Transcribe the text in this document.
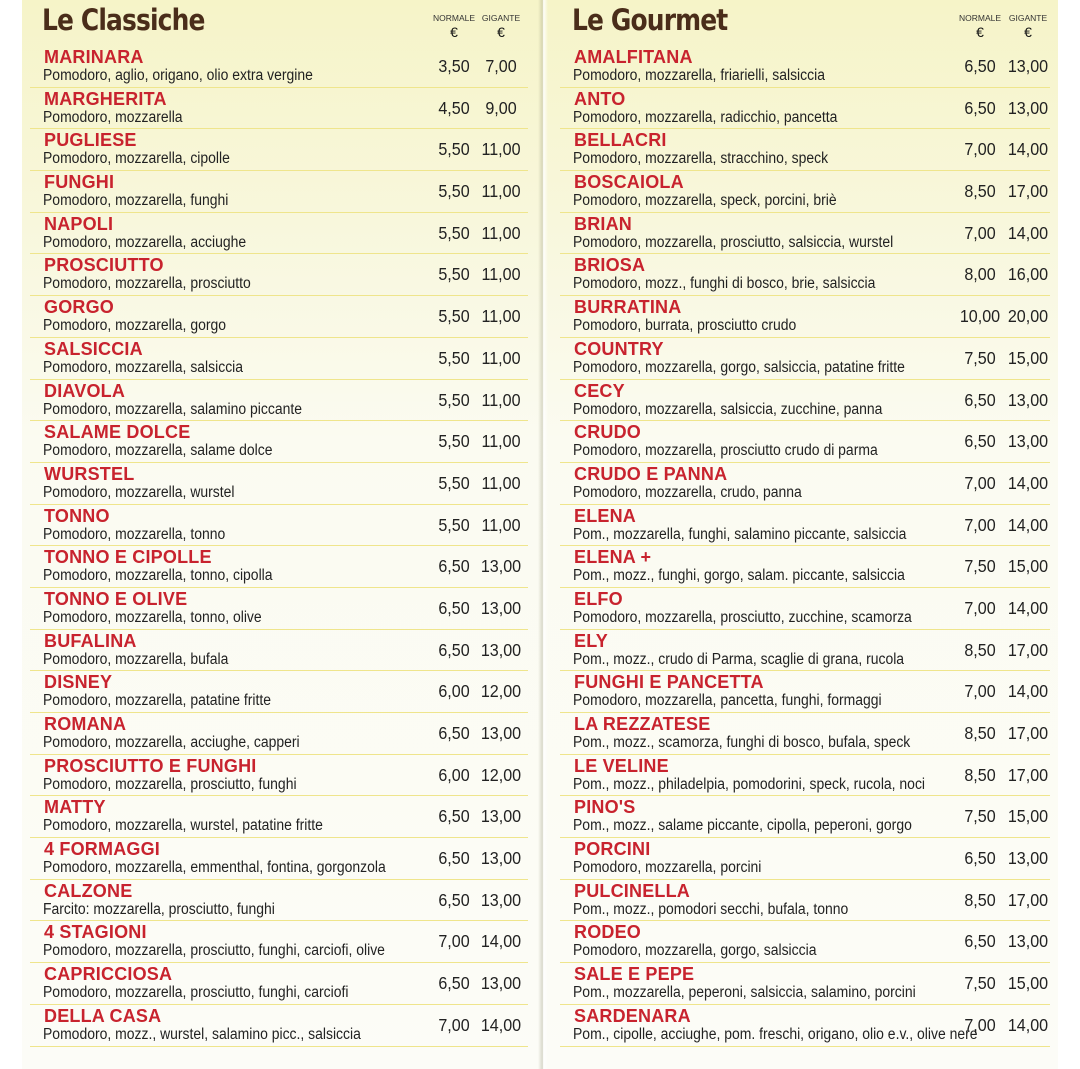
Le Classiche	NORMALE
€
GIGANTE
€
MARINARA
Pomodoro, aglio, origano, olio extra vergine	3,50 7,00
MARGHERITA
Pomodoro, mozzarella	4,50 9,00
PUGLIESE
Pomodoro, mozzarella, cipolle	5,50 11,00
FUNGHI
Pomodoro, mozzarella, funghi	5,50 11,00
NAPOLI
Pomodoro, mozzarella, acciughe	5,50 11,00
PROSCIUTTO
Pomodoro, mozzarella, prosciutto	5,50 11,00
GORGO
Pomodoro, mozzarella, gorgo	5,50 11,00
SALSICCIA
Pomodoro, mozzarella, salsiccia	5,50 11,00
DIAVOLA
Pomodoro, mozzarella, salamino piccante	5,50 11,00
SALAME DOLCE
Pomodoro, mozzarella, salame dolce	5,50 11,00
WURSTEL
Pomodoro, mozzarella, wurstel	5,50 11,00
TONNO
Pomodoro, mozzarella, tonno	5,50 11,00
TONNO E CIPOLLE
Pomodoro, mozzarella, tonno, cipolla	6,50 13,00
TONNO E OLIVE
Pomodoro, mozzarella, tonno, olive	6,50 13,00
BUFALINA
Pomodoro, mozzarella, bufala	6,50 13,00
DISNEY
Pomodoro, mozzarella, patatine fritte	6,00 12,00
ROMANA
Pomodoro, mozzarella, acciughe, capperi	6,50 13,00
PROSCIUTTO E FUNGHI
Pomodoro, mozzarella, prosciutto, funghi	6,00 12,00
MATTY
Pomodoro, mozzarella, wurstel, patatine fritte	6,50 13,00
4 FORMAGGI
Pomodoro, mozzarella, emmenthal, fontina, gorgonzola	6,50 13,00
CALZONE
Farcito: mozzarella, prosciutto, funghi	6,50 13,00
4 STAGIONI
Pomodoro, mozzarella, prosciutto, funghi, carciofi, olive	7,00 14,00
CAPRICCIOSA
Pomodoro, mozzarella, prosciutto, funghi, carciofi	6,50 13,00
DELLA CASA
Pomodoro, mozz., wurstel, salamino picc., salsiccia	7,00 14,00
Le Gourmet	NORMALE
€
GIGANTE
€
AMALFITANA
Pomodoro, mozzarella, friarielli, salsiccia	6,50 13,00
ANTO
Pomodoro, mozzarella, radicchio, pancetta	6,50 13,00
BELLACRI
Pomodoro, mozzarella, stracchino, speck	7,00 14,00
BOSCAIOLA
Pomodoro, mozzarella, speck, porcini, briè	8,50 17,00
BRIAN
Pomodoro, mozzarella, prosciutto, salsiccia, wurstel	7,00 14,00
BRIOSA
Pomodoro, mozz., funghi di bosco, brie, salsiccia	8,00 16,00
BURRATINA
Pomodoro, burrata, prosciutto crudo	10,00 20,00
COUNTRY
Pomodoro, mozzarella, gorgo, salsiccia, patatine fritte	7,50 15,00
CECY
Pomodoro, mozzarella, salsiccia, zucchine, panna	6,50 13,00
CRUDO
Pomodoro, mozzarella, prosciutto crudo di parma	6,50 13,00
CRUDO E PANNA
Pomodoro, mozzarella, crudo, panna	7,00 14,00
ELENA
Pom., mozzarella, funghi, salamino piccante, salsiccia	7,00 14,00
ELENA +
Pom., mozz., funghi, gorgo, salam. piccante, salsiccia	7,50 15,00
ELFO
Pomodoro, mozzarella, prosciutto, zucchine, scamorza	7,00 14,00
ELY
Pom., mozz., crudo di Parma, scaglie di grana, rucola	8,50 17,00
FUNGHI E PANCETTA
Pomodoro, mozzarella, pancetta, funghi, formaggi	7,00 14,00
LA REZZATESE
Pom., mozz., scamorza, funghi di bosco, bufala, speck	8,50 17,00
LE VELINE
Pom., mozz., philadelpia, pomodorini, speck, rucola, noci	8,50 17,00
PINO'S
Pom., mozz., salame piccante, cipolla, peperoni, gorgo	7,50 15,00
PORCINI
Pomodoro, mozzarella, porcini	6,50 13,00
PULCINELLA
Pom., mozz., pomodori secchi, bufala, tonno	8,50 17,00
RODEO
Pomodoro, mozzarella, gorgo, salsiccia	6,50 13,00
SALE E PEPE
Pom., mozzarella, peperoni, salsiccia, salamino, porcini	7,50 15,00
SARDENARA
Pom., cipolle, acciughe, pom. freschi, origano, olio e.v., olive nere
7,00 14,00
